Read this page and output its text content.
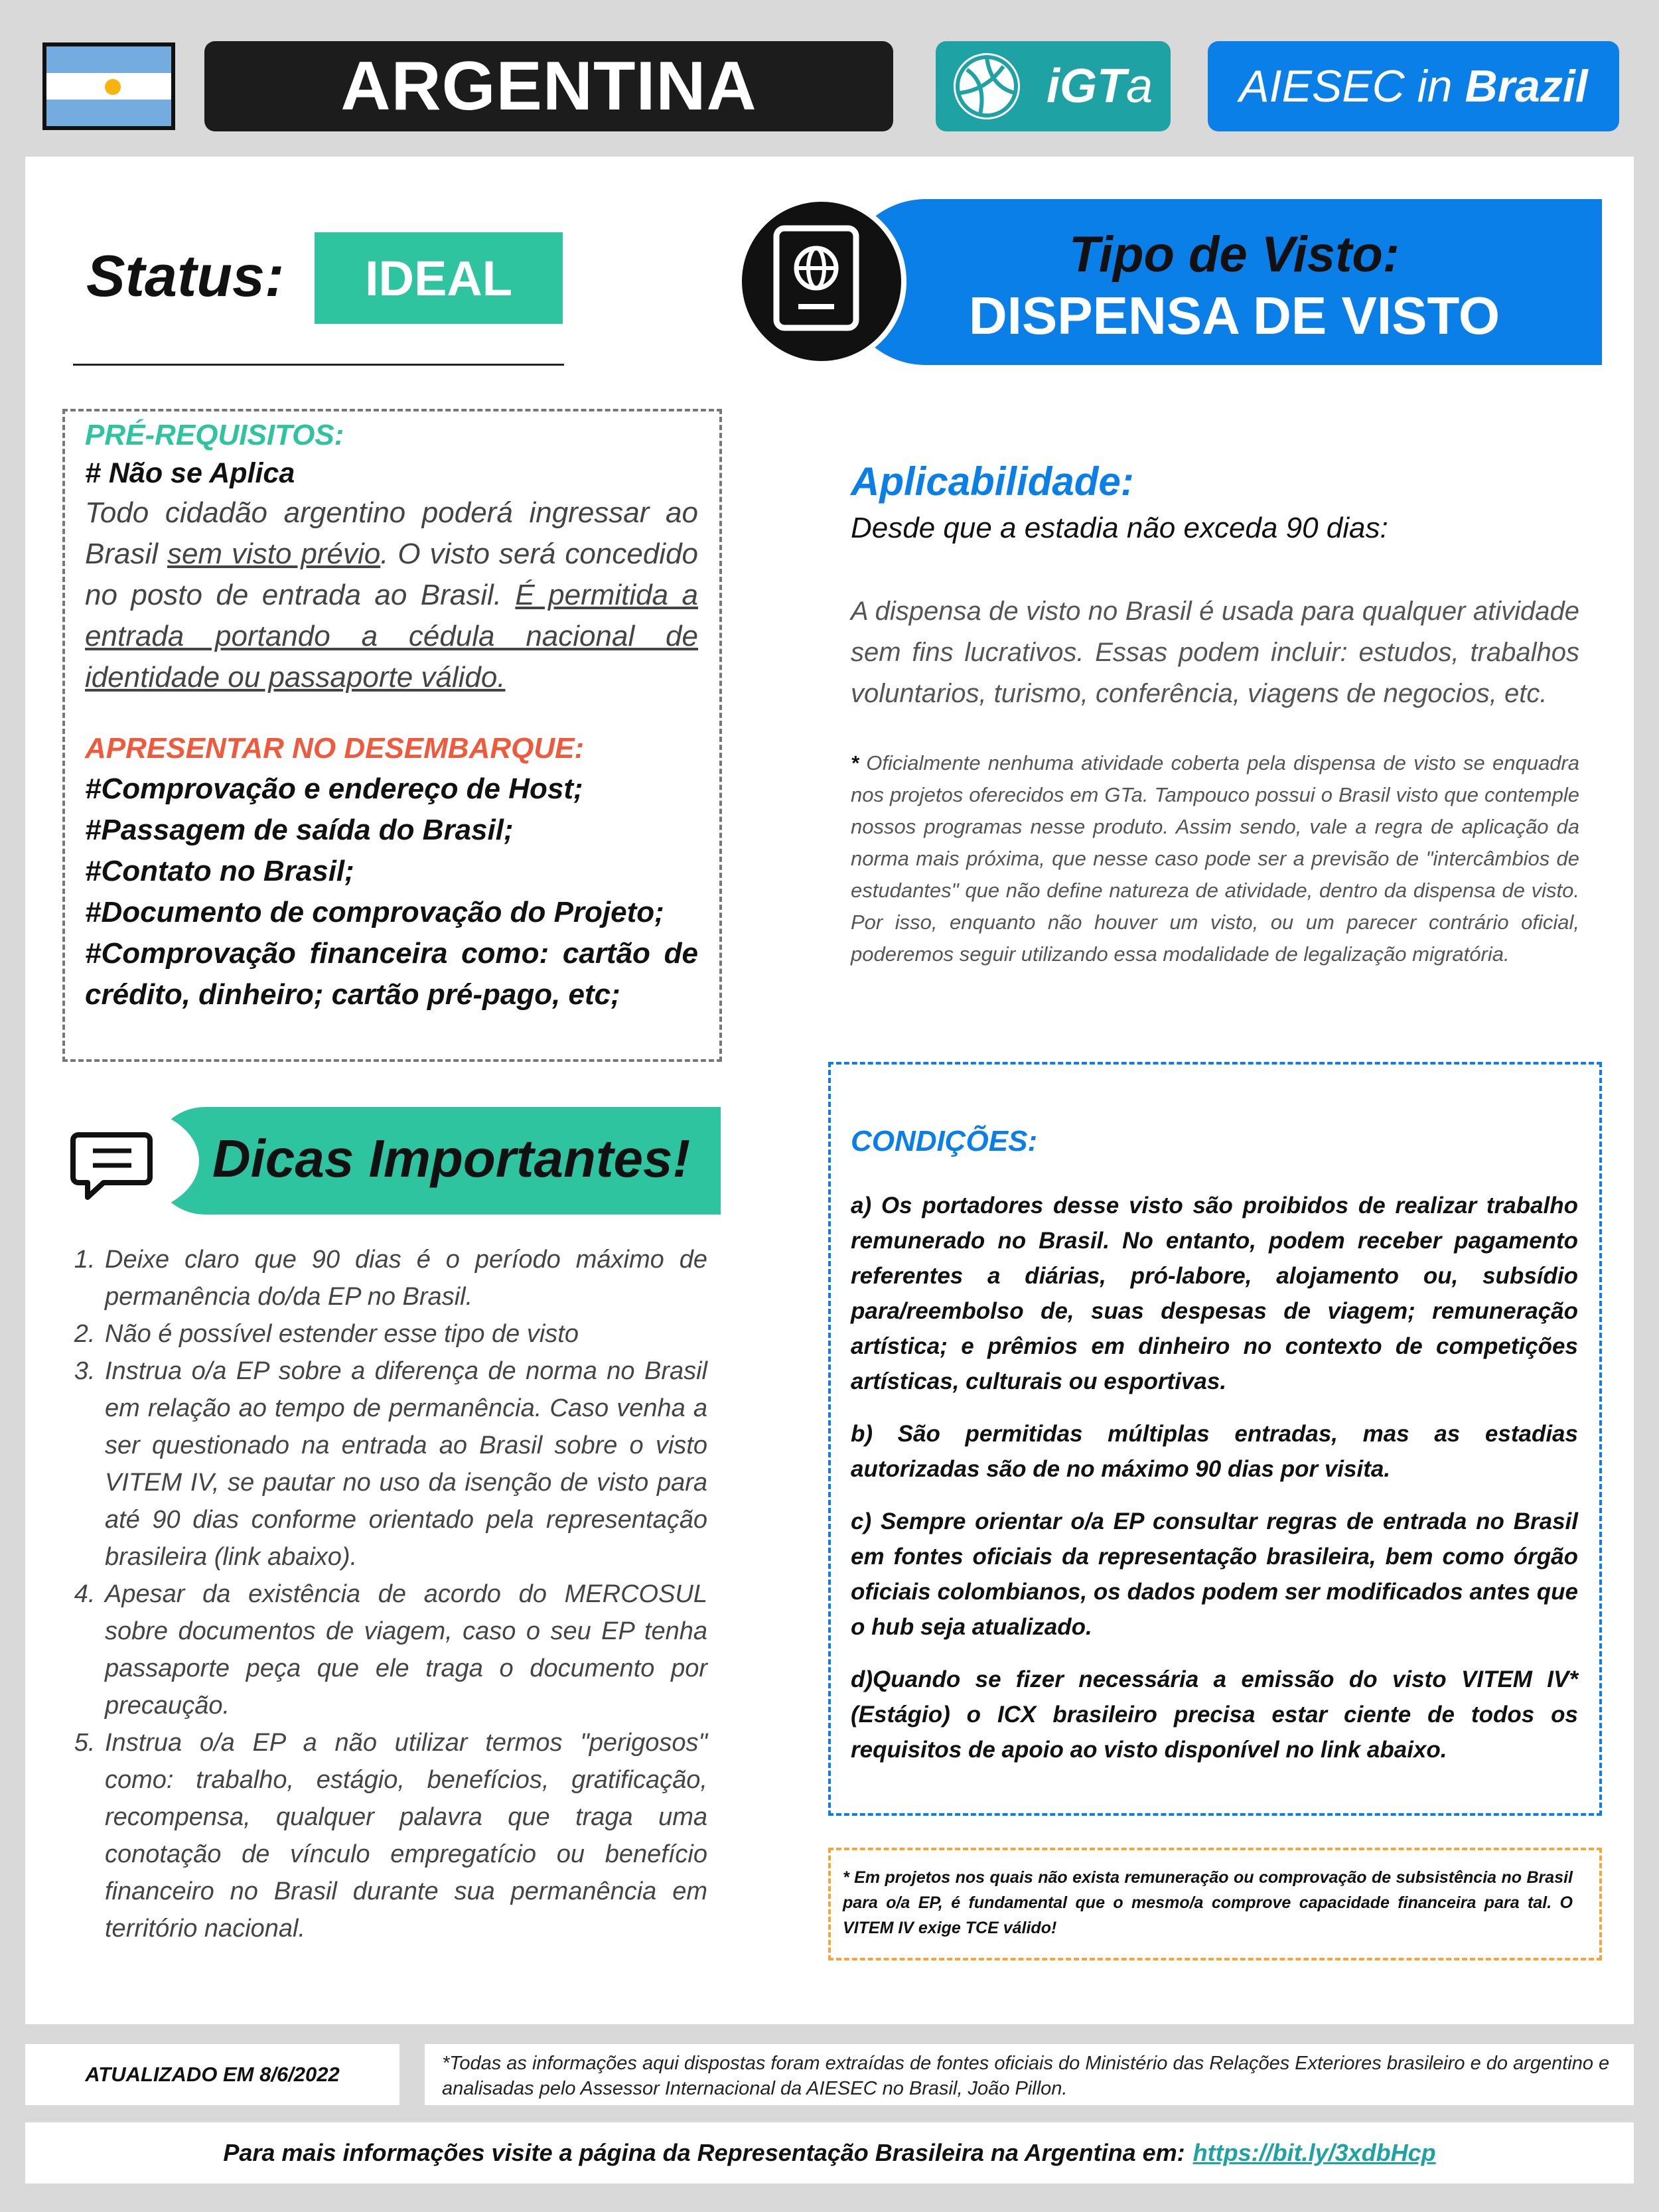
ARGENTINA	iGT a AIESEC in Brazil
Status:	IDEAL	Tipo de Visto:
DISPENSA DE VISTO
PRÉ-REQUISITOS:
# Não se Aplica
Todo cidadão argentino poderá ingressar ao Brasil sem visto prévio. O visto será concedido no posto de entrada ao Brasil. É permitida a entrada portando a cédula nacional de identidade ou passaporte válido.
APRESENTAR NO DESEMBARQUE:
#Comprovação e endereço de Host;
#Passagem de saída do Brasil;
#Contato no Brasil;
#Documento de comprovação do Projeto;
#Comprovação financeira como: cartão de crédito, dinheiro; cartão pré-pago, etc;
Dicas Importantes!
1. Deixe claro que 90 dias é o período máximo de permanência do/da EP no Brasil.
2. Não é possível estender esse tipo de visto
3. Instrua o/a EP sobre a diferença de norma no Brasil em relação ao tempo de permanência. Caso venha a ser questionado na entrada ao Brasil sobre o visto VITEM IV, se pautar no uso da isenção de visto para até 90 dias conforme orientado pela representação brasileira (link abaixo).
4. Apesar da existência de acordo do MERCOSUL sobre documentos de viagem, caso o seu EP tenha passaporte peça que ele traga o documento por precaução.
5. Instrua o/a EP a não utilizar termos "perigosos" como: trabalho, estágio, benefícios, gratificação, recompensa, qualquer palavra que traga uma conotação de vínculo empregatício ou benefício financeiro no Brasil durante sua permanência em território nacional.
Aplicabilidade:
Desde que a estadia não exceda 90 dias:
A dispensa de visto no Brasil é usada para qualquer atividade sem fins lucrativos. Essas podem incluir: estudos, trabalhos voluntarios, turismo, conferência, viagens de negocios, etc.
* Oficialmente nenhuma atividade coberta pela dispensa de visto se enquadra nos projetos oferecidos em GTa. Tampouco possui o Brasil visto que contemple nossos programas nesse produto. Assim sendo, vale a regra de aplicação da norma mais próxima, que nesse caso pode ser a previsão de "intercâmbios de estudantes" que não define natureza de atividade, dentro da dispensa de visto. Por isso, enquanto não houver um visto, ou um parecer contrário oficial, poderemos seguir utilizando essa modalidade de legalização migratória.
CONDIÇÕES:
a) Os portadores desse visto são proibidos de realizar trabalho remunerado no Brasil. No entanto, podem receber pagamento referentes a diárias, pró-labore, alojamento ou, subsídio para/reembolso de, suas despesas de viagem; remuneração artística; e prêmios em dinheiro no contexto de competições artísticas, culturais ou esportivas.
b) São permitidas múltiplas entradas, mas as estadias autorizadas são de no máximo 90 dias por visita.
c) Sempre orientar o/a EP consultar regras de entrada no Brasil em fontes oficiais da representação brasileira, bem como órgão oficiais colombianos, os dados podem ser modificados antes que o hub seja atualizado.
d)Quando se fizer necessária a emissão do visto VITEM IV* (Estágio) o ICX brasileiro precisa estar ciente de todos os requisitos de apoio ao visto disponível no link abaixo.
* Em projetos nos quais não exista remuneração ou comprovação de subsistência no Brasil para o/a EP, é fundamental que o mesmo/a comprove capacidade financeira para tal. O VITEM IV exige TCE válido!
ATUALIZADO EM 8/6/2022	*Todas as informações aqui dispostas foram extraídas de fontes oficiais do Ministério das Relações Exteriores brasileiro e do argentino e analisadas pelo Assessor Internacional da AIESEC no Brasil, João Pillon.
Para mais informações visite a página da Representação Brasileira na Argentina em: https://bit.ly/3xdbHcp
